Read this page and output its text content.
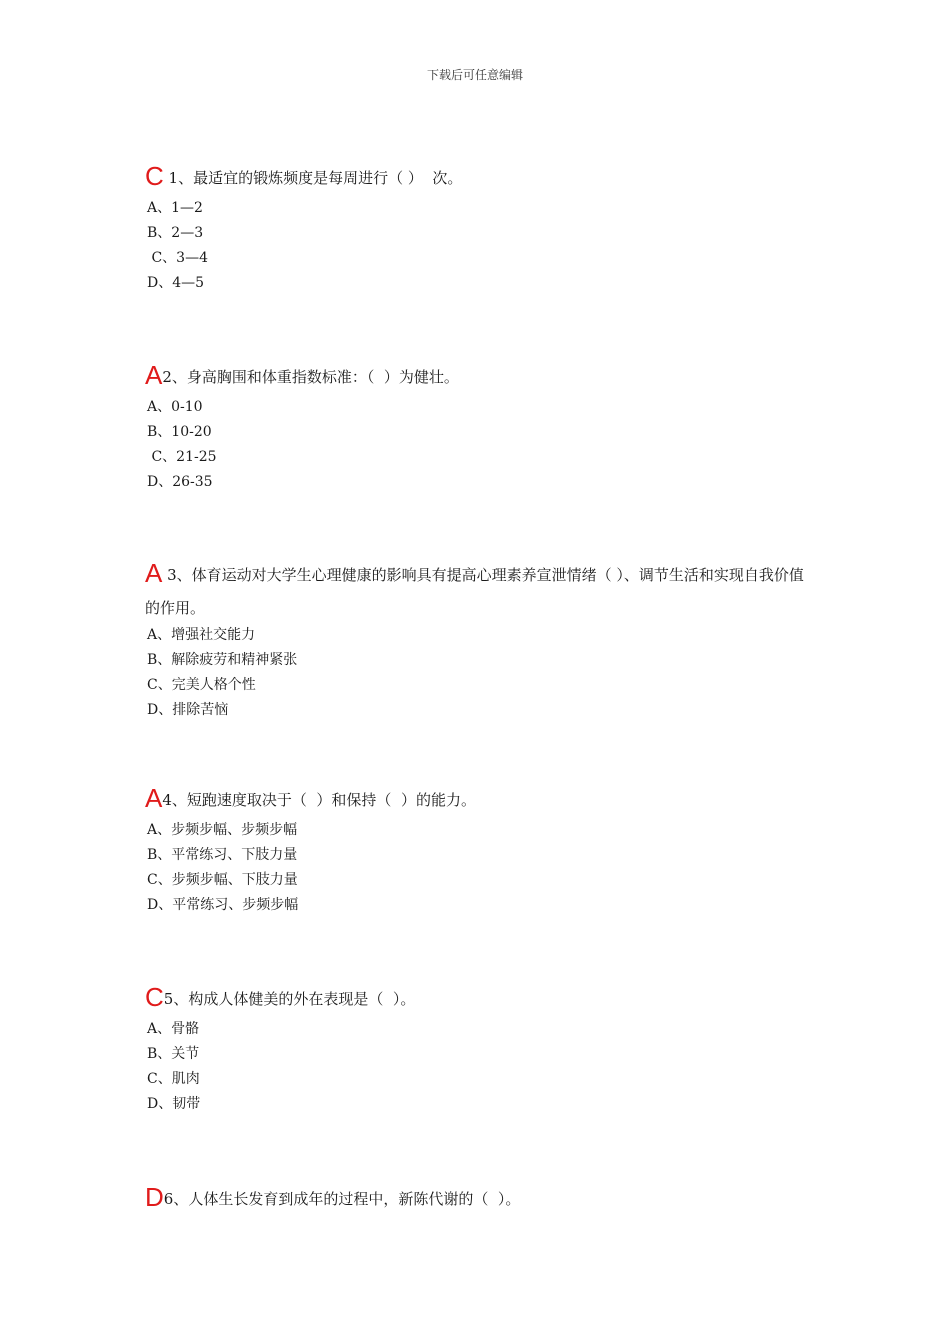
下载后可任意编辑
C 1、最适宜的锻炼频度是每周进行（ ）  次。
A、1—2
B、2—3
C、3—4
D、4—5
A2、身高胸围和体重指数标准：（  ）为健壮。
A、0-10
B、10-20
C、21-25
D、26-35
A 3、体育运动对大学生心理健康的影响具有提高心理素养宣泄情绪（ ）、调节生活和实现自我价值的作用。
A、增强社交能力
B、解除疲劳和精神紧张
C、完美人格个性
D、排除苦恼
A4、短跑速度取决于（  ）和保持（  ）的能力。
A、步频步幅、步频步幅
B、平常练习、下肢力量
C、步频步幅、下肢力量
D、平常练习、步频步幅
C5、构成人体健美的外在表现是（  ）。
A、骨骼
B、关节
C、肌肉
D、韧带
D6、人体生长发育到成年的过程中，新陈代谢的（  ）。
